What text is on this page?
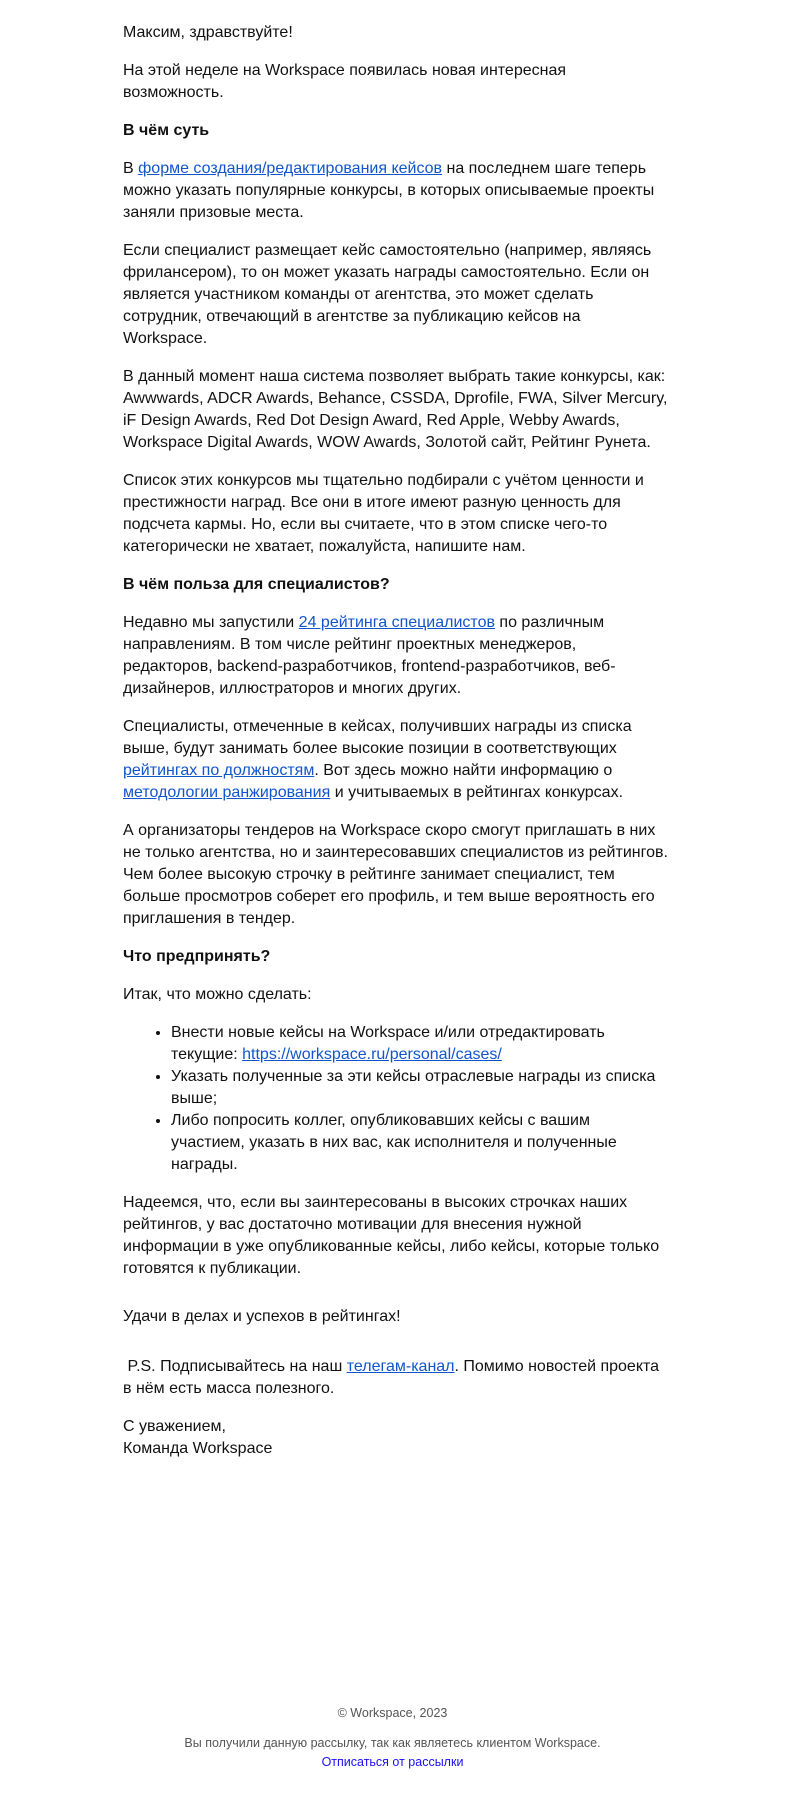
Максим, здравствуйте!

На этой неделе на Workspace появилась новая интересная возможность.

В чём суть

В форме создания/редактирования кейсов на последнем шаге теперь можно указать популярные конкурсы, в которых описываемые проекты заняли призовые места.

Если специалист размещает кейс самостоятельно (например, являясь фрилансером), то он может указать награды самостоятельно. Если он является участником команды от агентства, это может сделать сотрудник, отвечающий в агентстве за публикацию кейсов на Workspace.

В данный момент наша система позволяет выбрать такие конкурсы, как: Awwwards, ADCR Awards, Behance, CSSDA, Dprofile, FWA, Silver Mercury, iF Design Awards, Red Dot Design Award, Red Apple, Webby Awards, Workspace Digital Awards, WOW Awards, Золотой сайт, Рейтинг Рунета.

Список этих конкурсов мы тщательно подбирали с учётом ценности и престижности наград. Все они в итоге имеют разную ценность для подсчета кармы. Но, если вы считаете, что в этом списке чего-то категорически не хватает, пожалуйста, напишите нам.

В чём польза для специалистов?

Недавно мы запустили 24 рейтинга специалистов по различным направлениям. В том числе рейтинг проектных менеджеров, редакторов, backend-разработчиков, frontend-разработчиков, веб-дизайнеров, иллюстраторов и многих других.

Специалисты, отмеченные в кейсах, получивших награды из списка выше, будут занимать более высокие позиции в соответствующих рейтингах по должностям. Вот здесь можно найти информацию о методологии ранжирования и учитываемых в рейтингах конкурсах.

А организаторы тендеров на Workspace скоро смогут приглашать в них не только агентства, но и заинтересовавших специалистов из рейтингов. Чем более высокую строчку в рейтинге занимает специалист, тем больше просмотров соберет его профиль, и тем выше вероятность его приглашения в тендер.

Что предпринять?

Итак, что можно сделать:

• Внести новые кейсы на Workspace и/или отредактировать текущие: https://workspace.ru/personal/cases/
• Указать полученные за эти кейсы отраслевые награды из списка выше;
• Либо попросить коллег, опубликовавших кейсы с вашим участием, указать в них вас, как исполнителя и полученные награды.

Надеемся, что, если вы заинтересованы в высоких строчках наших рейтингов, у вас достаточно мотивации для внесения нужной информации в уже опубликованные кейсы, либо кейсы, которые только готовятся к публикации.

Удачи в делах и успехов в рейтингах!

P.S. Подписывайтесь на наш телегам-канал. Помимо новостей проекта в нём есть масса полезного.

С уважением,
Команда Workspace

© Workspace, 2023

Вы получили данную рассылку, так как являетесь клиентом Workspace.

Отписаться от рассылки
